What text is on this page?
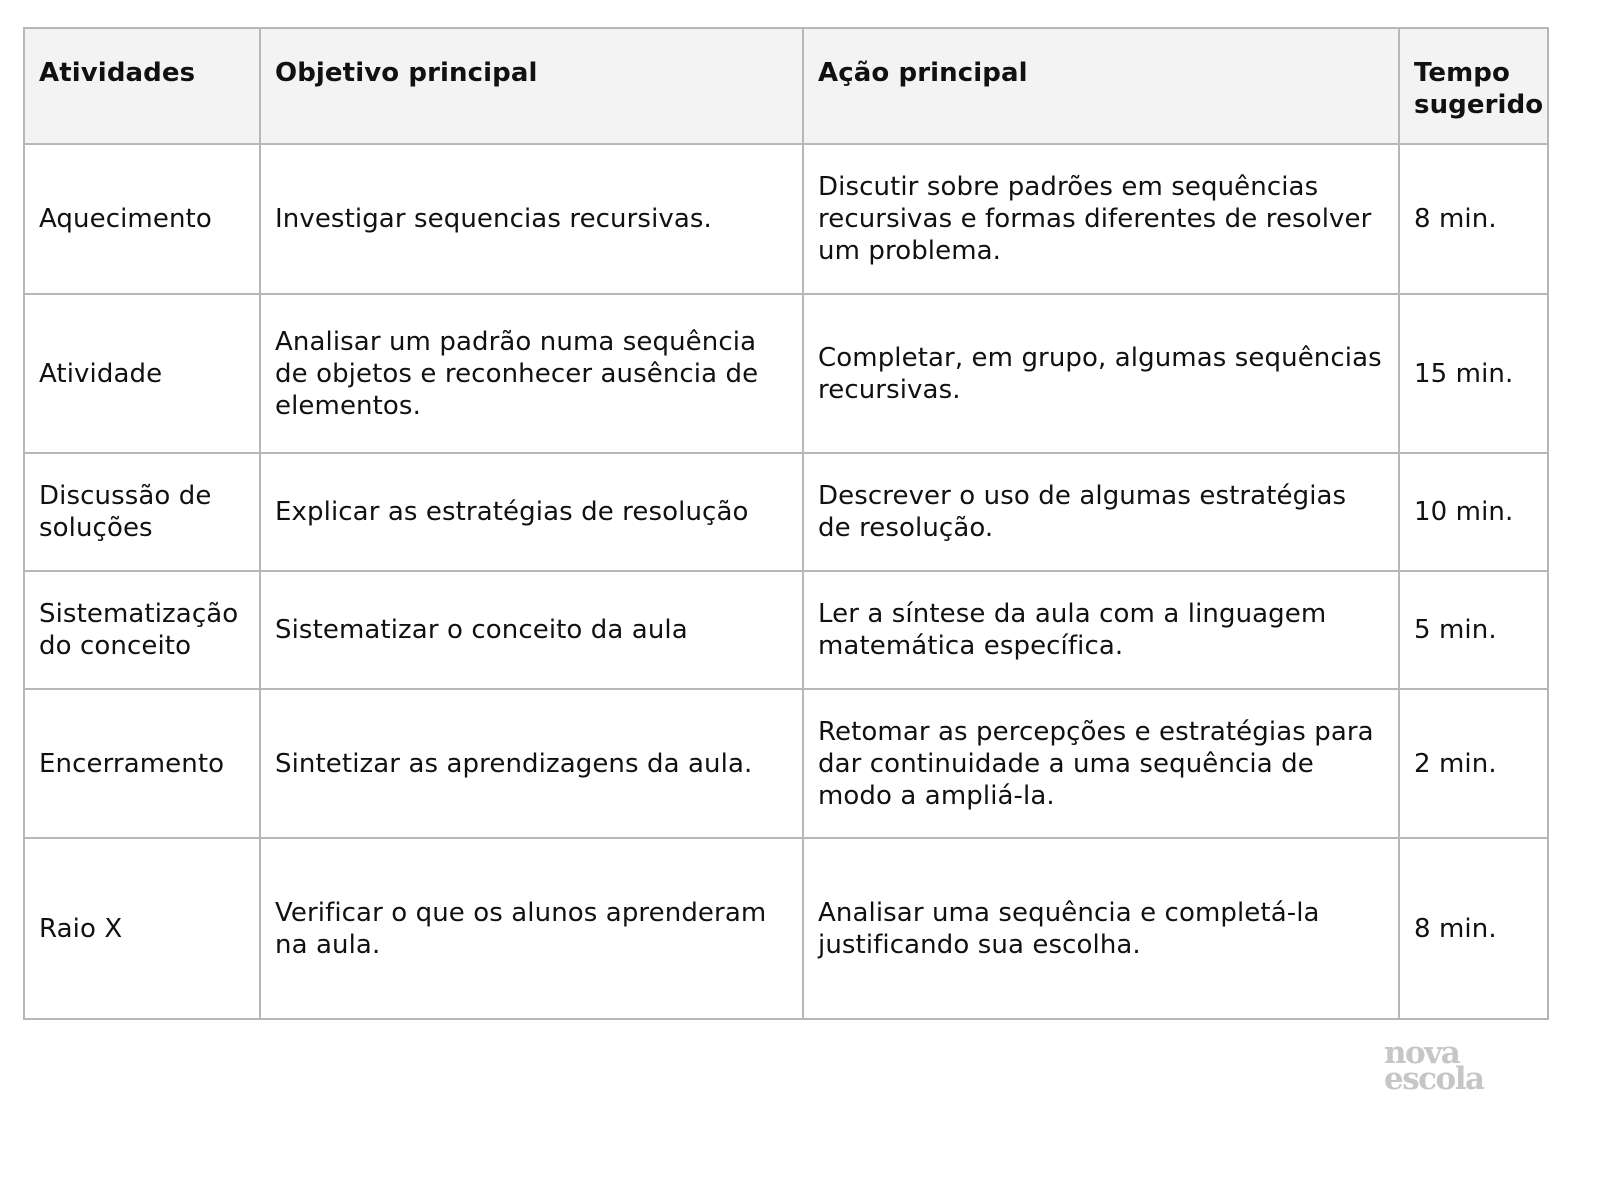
Atividades	Objetivo principal	Ação principal	Tempo sugerido
Aquecimento	Investigar sequencias recursivas.	Discutir sobre padrões em sequências recursivas e formas diferentes de resolver um problema.	8 min.
Atividade	Analisar um padrão numa sequência de objetos e reconhecer ausência de elementos.	Completar, em grupo, algumas sequências recursivas.	15 min.
Discussão de soluções	Explicar as estratégias de resolução	Descrever o uso de algumas estratégias de resolução.	10 min.
Sistematização do conceito	Sistematizar o conceito da aula	Ler a síntese da aula com a linguagem matemática específica.	5 min.
Encerramento	Sintetizar as aprendizagens da aula.	Retomar as percepções e estratégias para dar continuidade a uma sequência de modo a ampliá-la.	2 min.
Raio X	Verificar o que os alunos aprenderam na aula.	Analisar uma sequência e completá-la justificando sua escolha.	8 min.
nova
escola
